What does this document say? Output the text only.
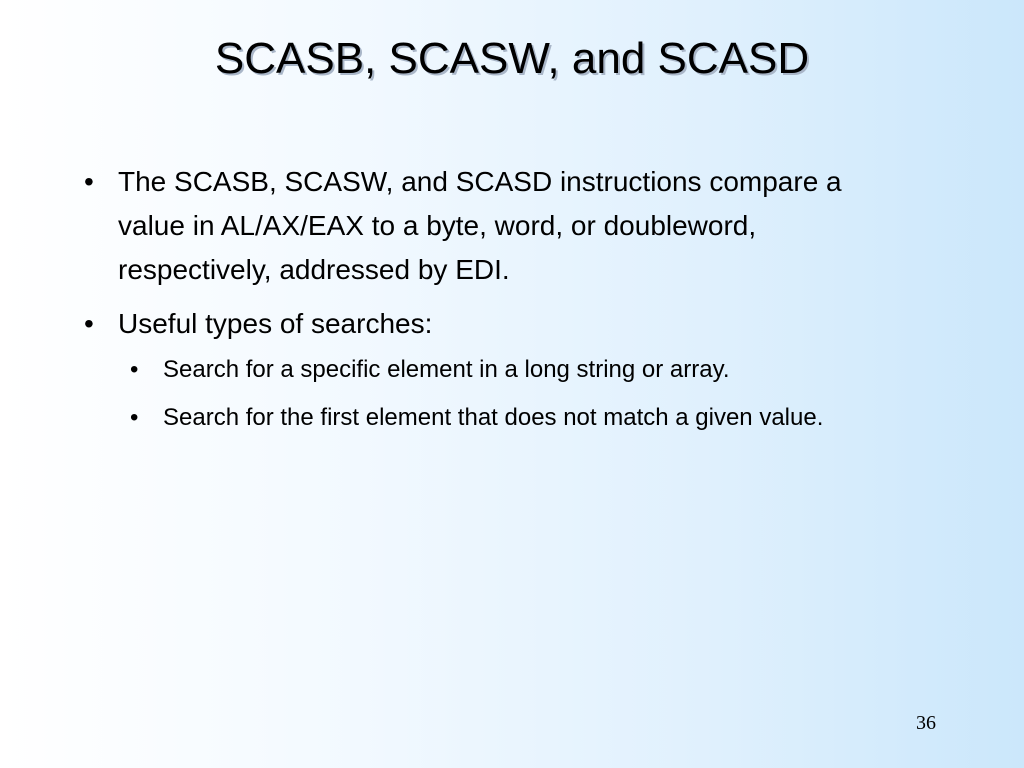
SCASB, SCASW, and SCASD
• The SCASB, SCASW, and SCASD instructions compare a value in AL/AX/EAX to a byte, word, or doubleword, respectively, addressed by EDI.
• Useful types of searches:
• Search for a specific element in a long string or array.
• Search for the first element that does not match a given value.
36
